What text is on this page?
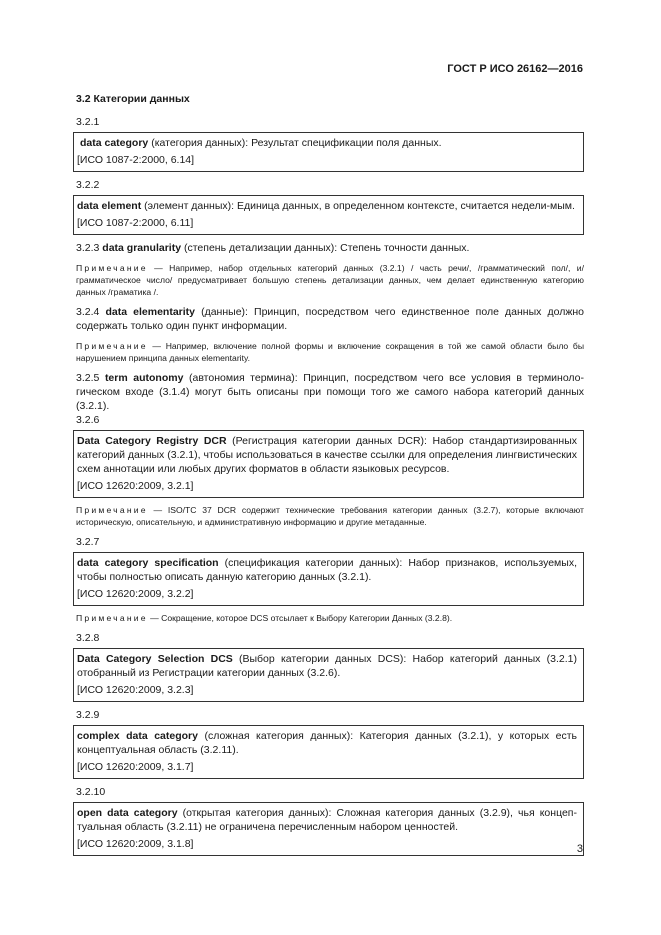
ГОСТ Р ИСО 26162—2016

3.2 Категории данных

3.2.1

data category (категория данных): Результат спецификации поля данных.

[ИСО 1087-2:2000, 6.14]

3.2.2

data element (элемент данных): Единица данных, в определенном контексте, считается недели-мым.

[ИСО 1087-2:2000, 6.11]

3.2.3 data granularity (степень детализации данных): Степень точности данных.

Примечание — Например, набор отдельных категорий данных (3.2.1) / часть речи/, /грамматический пол/, и/ грамматическое число/ предусматривает большую степень детализации данных, чем делает единственную категорию данных /граматика /.

3.2.4 data elementarity (данные): Принцип, посредством чего единственное поле данных должно содержать только один пункт информации.

Примечание — Например, включение полной формы и включение сокращения в той же самой области было бы нарушением принципа данных elementarity.

3.2.5 term autonomy (автономия термина): Принцип, посредством чего все условия в терминоло-гическом входе (3.1.4) могут быть описаны при помощи того же самого набора категорий данных (3.2.1).

3.2.6

Data Category Registry DCR (Регистрация категории данных DCR): Набор стандартизированных категорий данных (3.2.1), чтобы использоваться в качестве ссылки для определения лингвистических схем аннотации или любых других форматов в области языковых ресурсов.

[ИСО 12620:2009, 3.2.1]

Примечание — ISO/TC 37 DCR содержит технические требования категории данных (3.2.7), которые включают историческую, описательную, и административную информацию и другие метаданные.

3.2.7

data category specification (спецификация категории данных): Набор признаков, используемых, чтобы полностью описать данную категорию данных (3.2.1).

[ИСО 12620:2009, 3.2.2]

Примечание — Сокращение, которое DCS отсылает к Выбору Категории Данных (3.2.8).

3.2.8

Data Category Selection DCS (Выбор категории данных DCS): Набор категорий данных (3.2.1) отобранный из Регистрации категории данных (3.2.6).

[ИСО 12620:2009, 3.2.3]

3.2.9

complex data category (сложная категория данных): Категория данных (3.2.1), у которых есть концептуальная область (3.2.11).

[ИСО 12620:2009, 3.1.7]

3.2.10

open data category (открытая категория данных): Сложная категория данных (3.2.9), чья концеп-туальная область (3.2.11) не ограничена перечисленным набором ценностей.

[ИСО 12620:2009, 3.1.8]	3
